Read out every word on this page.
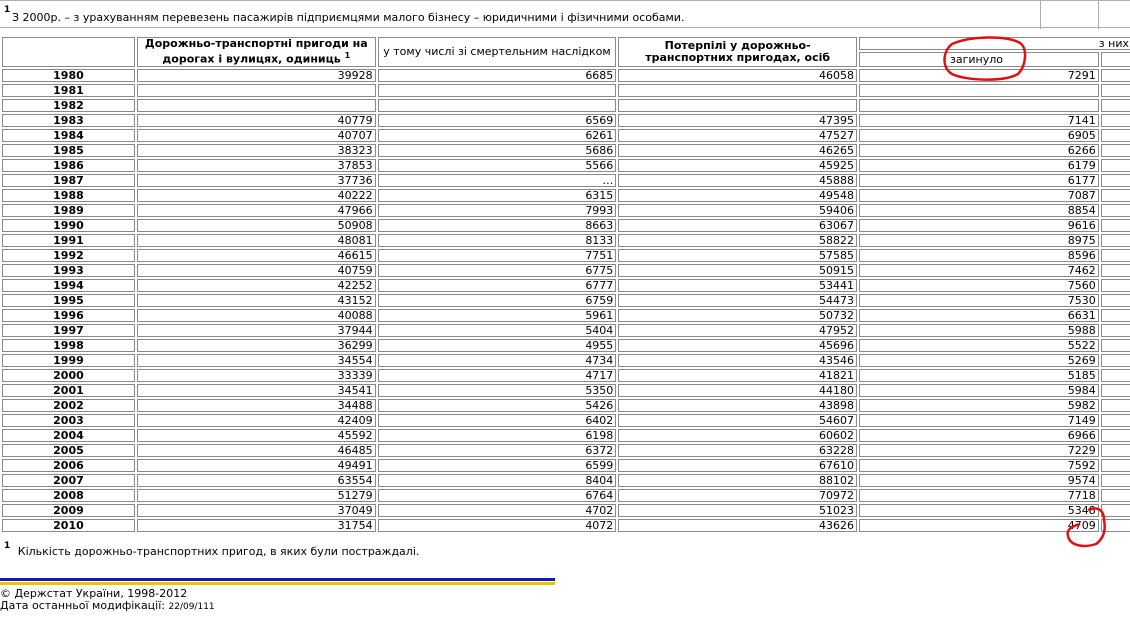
1
З 2000р. – з урахуванням перевезень пасажирів підприємцями малого бізнесу – юридичними і фізичними особами.
	Дорожньо-транспортні пригоди на дорогах і вулицях, одиниць $^1$	у тому числі зі смертельним наслідком	Потерпілі у дорожньо-транспортних пригодах, осіб	з них	
				загинуло	
1980	39928	6685	46058	7291	
1981					
1982					
1983	40779	6569	47395	7141	
1984	40707	6261	47527	6905	
1985	38323	5686	46265	6266	
1986	37853	5566	45925	6179	
1987	37736	…	45888	6177	
1988	40222	6315	49548	7087	
1989	47966	7993	59406	8854	
1990	50908	8663	63067	9616	
1991	48081	8133	58822	8975	
1992	46615	7751	57585	8596	
1993	40759	6775	50915	7462	
1994	42252	6777	53441	7560	
1995	43152	6759	54473	7530	
1996	40088	5961	50732	6631	
1997	37944	5404	47952	5988	
1998	36299	4955	45696	5522	
1999	34554	4734	43546	5269	
2000	33339	4717	41821	5185	
2001	34541	5350	44180	5984	
2002	34488	5426	43898	5982	
2003	42409	6402	54607	7149	
2004	45592	6198	60602	6966	
2005	46485	6372	63228	7229	
2006	49491	6599	67610	7592	
2007	63554	8404	88102	9574	
2008	51279	6764	70972	7718	
2009	37049	4702	51023	5348	
2010	31754	4072	43626	4709	
$^1$ Кількість дорожньо-транспортних пригод, в яких були постраждалі.
© Держстат України, 1998-2012
Дата останньої модифікації: 22/09/111
